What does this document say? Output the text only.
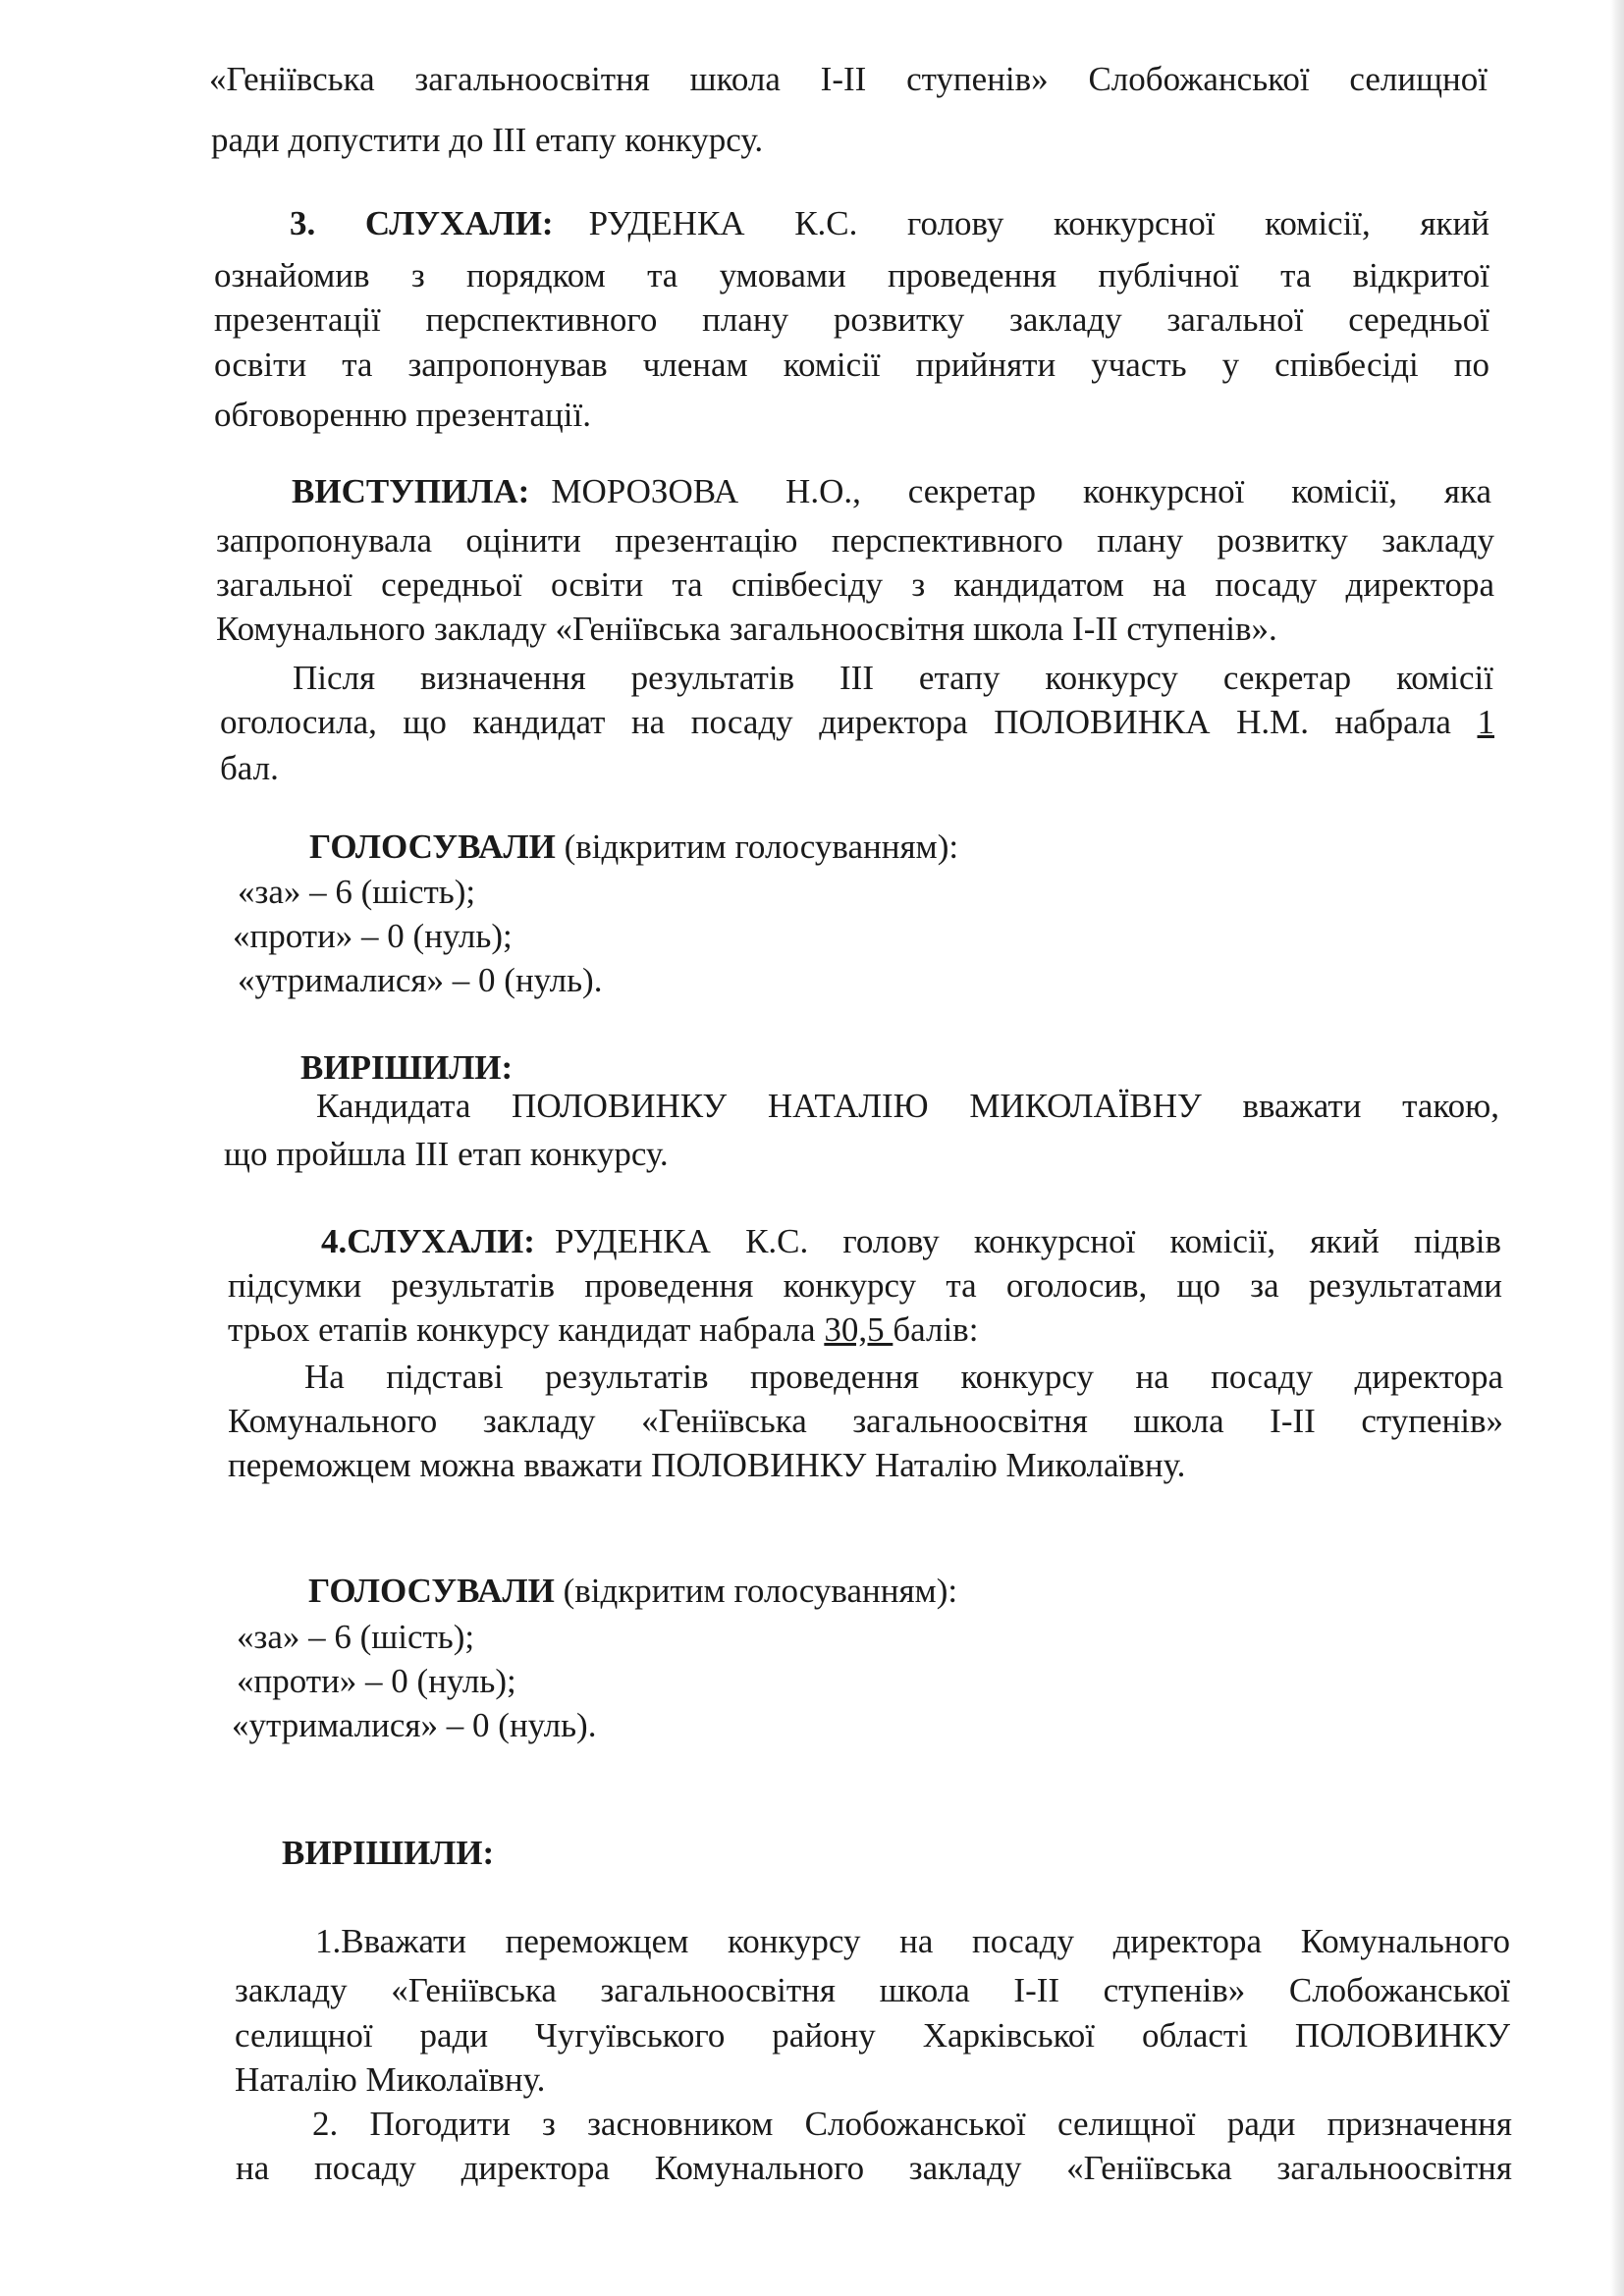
«Геніївська загальноосвітня школа І-ІІ ступенів» Слобожанської селищної
ради допустити до ІІІ етапу конкурсу.
3. СЛУХАЛИ: РУДЕНКА К.С. голову конкурсної комісії, який
ознайомив з порядком та умовами проведення публічної та відкритої
презентації перспективного плану розвитку закладу загальної середньої
освіти та запропонував членам комісії прийняти участь у співбесіді по
обговоренню презентації.
ВИСТУПИЛА: МОРОЗОВА Н.О., секретар конкурсної комісії, яка
запропонувала оцінити презентацію перспективного плану розвитку закладу
загальної середньої освіти та співбесіду з кандидатом на посаду директора
Комунального закладу «Геніївська загальноосвітня школа І-ІІ ступенів».
Після визначення результатів ІІІ етапу конкурсу секретар комісії
оголосила, що кандидат на посаду директора ПОЛОВИНКА Н.М. набрала 1
бал.
ГОЛОСУВАЛИ (відкритим голосуванням):
«за» – 6 (шість);
«проти» – 0 (нуль);
«утрималися» – 0 (нуль).
ВИРІШИЛИ:
Кандидата ПОЛОВИНКУ НАТАЛІЮ МИКОЛАЇВНУ вважати такою,
що пройшла ІІІ етап конкурсу.
4.СЛУХАЛИ: РУДЕНКА К.С. голову конкурсної комісії, який підвів
підсумки результатів проведення конкурсу та оголосив, що за результатами
трьох етапів конкурсу кандидат набрала 30,5 балів:
На підставі результатів проведення конкурсу на посаду директора
Комунального закладу «Геніївська загальноосвітня школа І-ІІ ступенів»
переможцем можна вважати ПОЛОВИНКУ Наталію Миколаївну.
ГОЛОСУВАЛИ (відкритим голосуванням):
«за» – 6 (шість);
«проти» – 0 (нуль);
«утрималися» – 0 (нуль).
ВИРІШИЛИ:
1.Вважати переможцем конкурсу на посаду директора Комунального
закладу «Геніївська загальноосвітня школа І-ІІ ступенів» Слобожанської
селищної ради Чугуївського району Харківської області ПОЛОВИНКУ
Наталію Миколаївну.
2. Погодити з засновником Слобожанської селищної ради призначення
на посаду директора Комунального закладу «Геніївська загальноосвітня
